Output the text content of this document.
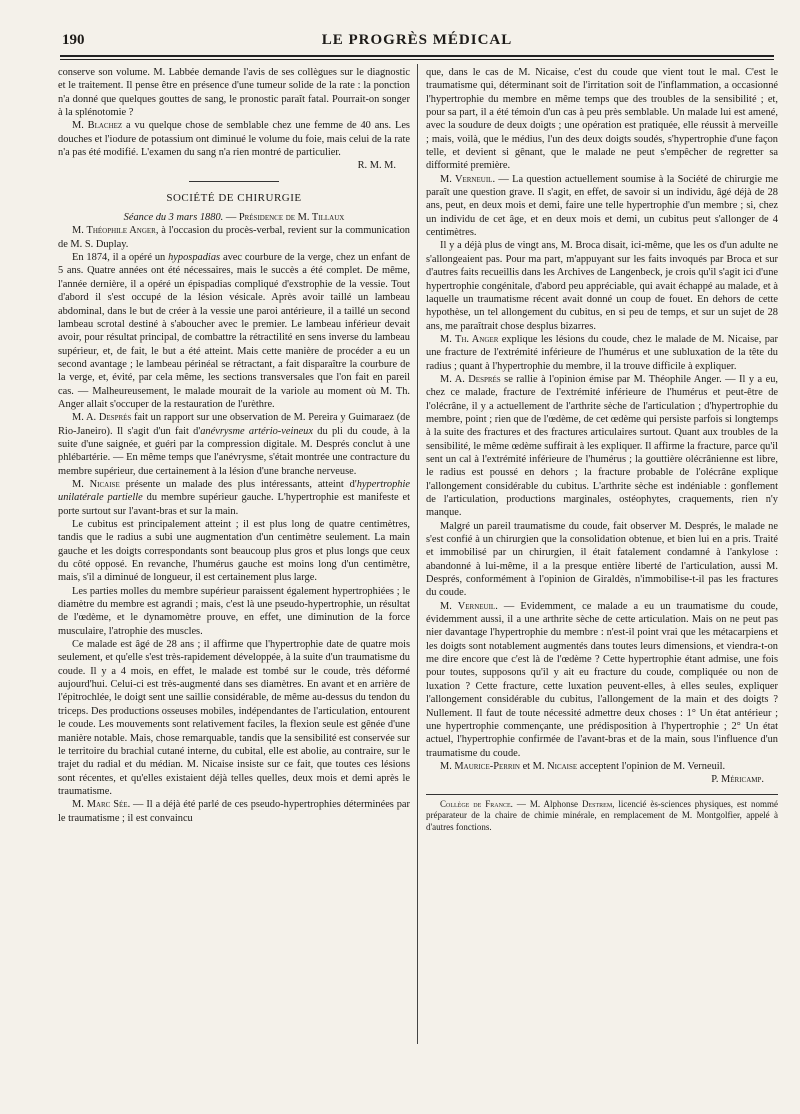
190	LE PROGRÈS MÉDICAL

conserve son volume. M. Labbée demande l'avis de ses collègues sur le diagnostic et le traitement. Il pense être en présence d'une tumeur solide de la rate : la ponction n'a donné que quelques gouttes de sang, le pronostic paraît fatal. Pourrait-on songer à la splénotomie ?

M. Blachez a vu quelque chose de semblable chez une femme de 40 ans. Les douches et l'iodure de potassium ont diminué le volume du foie, mais celui de la rate n'a pas été modifié. L'examen du sang n'a rien montré de particulier.

R. M. M.

SOCIÉTÉ DE CHIRURGIE

Séance du 3 mars 1880. — Présidence de M. Tillaux

M. Théophile Anger, à l'occasion du procès-verbal, revient sur la communication de M. S. Duplay.

En 1874, il a opéré un hypospadias avec courbure de la verge, chez un enfant de 5 ans. Quatre années ont été nécessaires, mais le succès a été complet. De même, l'année dernière, il a opéré un épispadias compliqué d'exstrophie de la vessie. Tout d'abord il s'est occupé de la lésion vésicale. Après avoir taillé un lambeau abdominal, dans le but de créer à la vessie une paroi antérieure, il a taillé un second lambeau scrotal destiné à s'aboucher avec le premier. Le lambeau inférieur devait avoir, pour résultat principal, de combattre la rétractilité en sens inverse du lambeau supérieur, et, de fait, le but a été atteint. Mais cette manière de procéder a eu un second avantage ; le lambeau périnéal se rétractant, a fait disparaître la courbure de la verge, et, évité, par cela même, les sections transversales que l'on fait en pareil cas. — Malheureusement, le malade mourait de la variole au moment où M. Th. Anger allait s'occuper de la restauration de l'urèthre.

M. A. Després fait un rapport sur une observation de M. Pereira y Guimaraez (de Rio-Janeiro). Il s'agit d'un fait d'anévrysme artério-veineux du pli du coude, à la suite d'une saignée, et guéri par la compression digitale. M. Després conclut à une phlébartérie. — En même temps que l'anévrysme, s'était montrée une contracture du membre supérieur, due certainement à la lésion d'une branche nerveuse.

M. Nicaise présente un malade des plus intéressants, atteint d'hypertrophie unilatérale partielle du membre supérieur gauche. L'hypertrophie est manifeste et porte surtout sur l'avant-bras et sur la main.

Le cubitus est principalement atteint ; il est plus long de quatre centimètres, tandis que le radius a subi une augmentation d'un centimètre seulement. La main gauche et les doigts correspondants sont beaucoup plus gros et plus longs que ceux du côté opposé. En revanche, l'humérus gauche est moins long d'un centimètre, mais, s'il a diminué de longueur, il est certainement plus large.

Les parties molles du membre supérieur paraissent également hypertrophiées ; le diamètre du membre est agrandi ; mais, c'est là une pseudo-hypertrophie, un résultat de l'œdème, et le dynamomètre prouve, en effet, une diminution de la force musculaire, l'atrophie des muscles.

Ce malade est âgé de 28 ans ; il affirme que l'hypertrophie date de quatre mois seulement, et qu'elle s'est très-rapidement développée, à la suite d'un traumatisme du coude. Il y a 4 mois, en effet, le malade est tombé sur le coude, très déformé aujourd'hui. Celui-ci est très-augmenté dans ses diamètres. En avant et en arrière de l'épitrochlée, le doigt sent une saillie considérable, de même au-dessus du tendon du triceps. Des productions osseuses mobiles, indépendantes de l'articulation, entourent le coude. Les mouvements sont relativement faciles, la flexion seule est gênée d'une manière notable. Mais, chose remarquable, tandis que la sensibilité est conservée sur le territoire du brachial cutané interne, du cubital, elle est abolie, au contraire, sur le trajet du radial et du médian. M. Nicaise insiste sur ce fait, que toutes ces lésions sont récentes, et qu'elles existaient déjà telles quelles, deux mois et demi après le traumatisme.

M. Marc Sée. — Il a déjà été parlé de ces pseudo-hypertrophies déterminées par le traumatisme ; il est convaincu

que, dans le cas de M. Nicaise, c'est du coude que vient tout le mal. C'est le traumatisme qui, déterminant soit de l'irritation soit de l'inflammation, a occasionné l'hypertrophie du membre en même temps que des troubles de la sensibilité ; et, pour sa part, il a été témoin d'un cas à peu près semblable. Un malade lui est amené, avec la soudure de deux doigts ; une opération est pratiquée, elle réussit à merveille ; mais, voilà, que le médius, l'un des deux doigts soudés, s'hypertrophie d'une façon telle, et devient si gênant, que le malade ne peut s'empêcher de regretter sa difformité première.

M. Verneuil. — La question actuellement soumise à la Société de chirurgie me paraît une question grave. Il s'agit, en effet, de savoir si un individu, âgé déjà de 28 ans, peut, en deux mois et demi, faire une telle hypertrophie d'un membre ; si, chez un individu de cet âge, et en deux mois et demi, un cubitus peut s'allonger de 4 centimètres.

Il y a déjà plus de vingt ans, M. Broca disait, ici-même, que les os d'un adulte ne s'allongeaient pas. Pour ma part, m'appuyant sur les faits invoqués par Broca et sur d'autres faits recueillis dans les Archives de Langenbeck, je crois qu'il s'agit ici d'une hypertrophie congénitale, d'abord peu appréciable, qui avait échappé au malade, et à laquelle un traumatisme récent avait donné un coup de fouet. En dehors de cette hypothèse, un tel allongement du cubitus, en si peu de temps, et sur un sujet de 28 ans, me paraîtrait chose desplus bizarres.

M. Th. Anger explique les lésions du coude, chez le malade de M. Nicaise, par une fracture de l'extrémité inférieure de l'humérus et une subluxation de la tête du radius ; quant à l'hypertrophie du membre, il la trouve difficile à expliquer.

M. A. Després se rallie à l'opinion émise par M. Théophile Anger. — Il y a eu, chez ce malade, fracture de l'extrémité inférieure de l'humérus et peut-être de l'olécrâne, il y a actuellement de l'arthrite sèche de l'articulation ; d'hypertrophie du membre, point ; rien que de l'œdème, de cet œdème qui persiste parfois si longtemps à la suite des fractures et des fractures articulaires surtout. Quant aux troubles de la sensibilité, le même œdème suffirait à les expliquer. Il affirme la fracture, parce qu'il sent un cal à l'extrémité inférieure de l'humérus ; la gouttière olécrânienne est libre, le radius est poussé en dehors ; la fracture probable de l'olécrâne explique l'allongement considérable du cubitus. L'arthrite sèche est indéniable : gonflement de l'articulation, productions marginales, ostéophytes, craquements, rien n'y manque.

Malgré un pareil traumatisme du coude, fait observer M. Després, le malade ne s'est confié à un chirurgien que la consolidation obtenue, et bien lui en a pris. Traité et immobilisé par un chirurgien, il était fatalement condamné à l'ankylose : abandonné à lui-même, il a la presque entière liberté de l'articulation, aussi M. Després, conformément à l'opinion de Giraldès, n'immobilise-t-il pas les fractures du coude.

M. Verneuil. — Evidemment, ce malade a eu un traumatisme du coude, évidemment aussi, il a une arthrite sèche de cette articulation. Mais on ne peut pas nier davantage l'hypertrophie du membre : n'est-il point vrai que les métacarpiens et les doigts sont notablement augmentés dans toutes leurs dimensions, et viendra-t-on me dire encore que c'est là de l'œdème ? Cette hypertrophie étant admise, une fois pour toutes, supposons qu'il y ait eu fracture du coude, compliquée ou non de luxation ? Cette fracture, cette luxation peuvent-elles, à elles seules, expliquer l'allongement considérable du cubitus, l'allongement de la main et des doigts ? Nullement. Il faut de toute nécessité admettre deux choses : 1° Un état antérieur ; une hypertrophie commençante, une prédisposition à l'hypertrophie ; 2° Un état actuel, l'hypertrophie confirmée de l'avant-bras et de la main, sous l'influence d'un traumatisme du coude.

M. Maurice-Perrin et M. Nicaise acceptent l'opinion de M. Verneuil.

P. Méricamp.

Collège de France. — M. Alphonse Destrem, licencié ès-sciences physiques, est nommé préparateur de la chaire de chimie minérale, en remplacement de M. Montgolfier, appelé à d'autres fonctions.
